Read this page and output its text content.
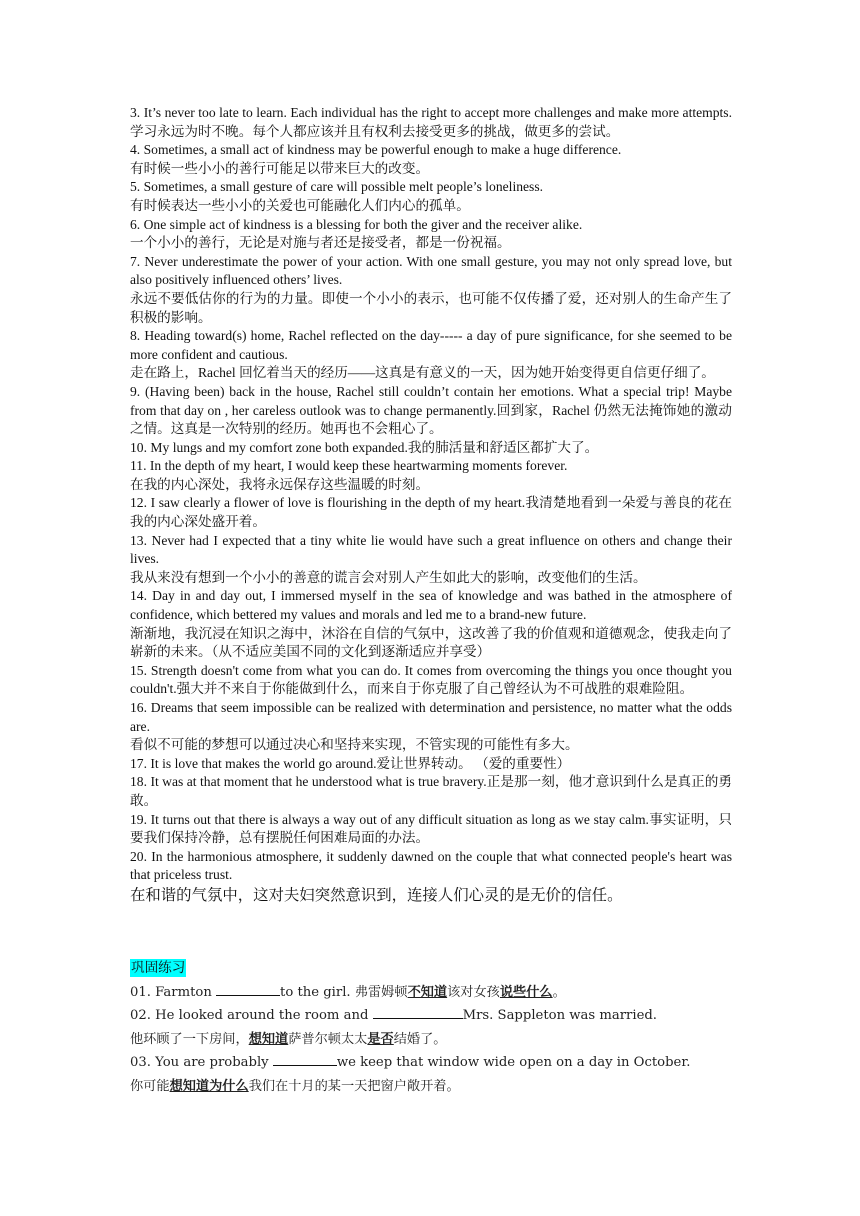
3. It’s never too late to learn. Each individual has the right to accept more challenges and make more attempts.学习永远为时不晚。每个人都应该并且有权利去接受更多的挑战，做更多的尝试。
4. Sometimes, a small act of kindness may be powerful enough to make a huge difference.
有时候一些小小的善行可能足以带来巨大的改变。
5. Sometimes, a small gesture of care will possible melt people’s loneliness.
有时候表达一些小小的关爱也可能融化人们内心的孤单。
6. One simple act of kindness is a blessing for both the giver and the receiver alike.
一个小小的善行，无论是对施与者还是接受者，都是一份祝福。
7. Never underestimate the power of your action. With one small gesture, you may not only spread love, but also positively influenced others’ lives.
永远不要低估你的行为的力量。即使一个小小的表示，也可能不仅传播了爱，还对别人的生命产生了积极的影响。
8. Heading toward(s) home, Rachel reflected on the day----- a day of pure significance, for she seemed to be more confident and cautious.
走在路上，Rachel 回忆着当天的经历——这真是有意义的一天，因为她开始变得更自信更仔细了。
9. (Having been) back in the house, Rachel still couldn’t contain her emotions. What a special trip! Maybe from that day on , her careless outlook was to change permanently.回到家，Rachel 仍然无法掩饰她的激动之情。这真是一次特别的经历。她再也不会粗心了。
10. My lungs and my comfort zone both expanded.我的肺活量和舒适区都扩大了。
11. In the depth of my heart, I would keep these heartwarming moments forever.
在我的内心深处，我将永远保存这些温暖的时刻。
12. I saw clearly a flower of love is flourishing in the depth of my heart.我清楚地看到一朵爱与善良的花在我的内心深处盛开着。
13. Never had I expected that a tiny white lie would have such a great influence on others and change their lives.
我从来没有想到一个小小的善意的谎言会对别人产生如此大的影响，改变他们的生活。
14. Day in and day out, I immersed myself in the sea of knowledge and was bathed in the atmosphere of confidence, which bettered my values and morals and led me to a brand-new future.
渐渐地，我沉浸在知识之海中，沐浴在自信的气氛中，这改善了我的价值观和道德观念，使我走向了崭新的未来。（从不适应美国不同的文化到逐渐适应并享受）
15. Strength doesn't come from what you can do. It comes from overcoming the things you once thought you couldn't.强大并不来自于你能做到什么，而来自于你克服了自己曾经认为不可战胜的艰难险阻。
16. Dreams that seem impossible can be realized with determination and persistence, no matter what the odds are.
看似不可能的梦想可以通过决心和坚持来实现，不管实现的可能性有多大。
17. It is love that makes the world go around.爱让世界转动。 （爱的重要性）
18. It was at that moment that he understood what is true bravery.正是那一刻，他才意识到什么是真正的勇敢。
19. It turns out that there is always a way out of any difficult situation as long as we stay calm.事实证明，只要我们保持冷静，总有摆脱任何困难局面的办法。
20. In the harmonious atmosphere, it suddenly dawned on the couple that what connected people's heart was that priceless trust.
在和谐的气氛中，这对夫妇突然意识到，连接人们心灵的是无价的信任。
巩固练习
01. Farmton	to the girl. 弗雷姆顿不知道该对女孩说些什么。
02. He looked around the room and	Mrs. Sappleton was married.
他环顾了一下房间，想知道萨普尔顿太太是否结婚了。
03. You are probably	we keep that window wide open on a day in October.
你可能想知道为什么我们在十月的某一天把窗户敞开着。
